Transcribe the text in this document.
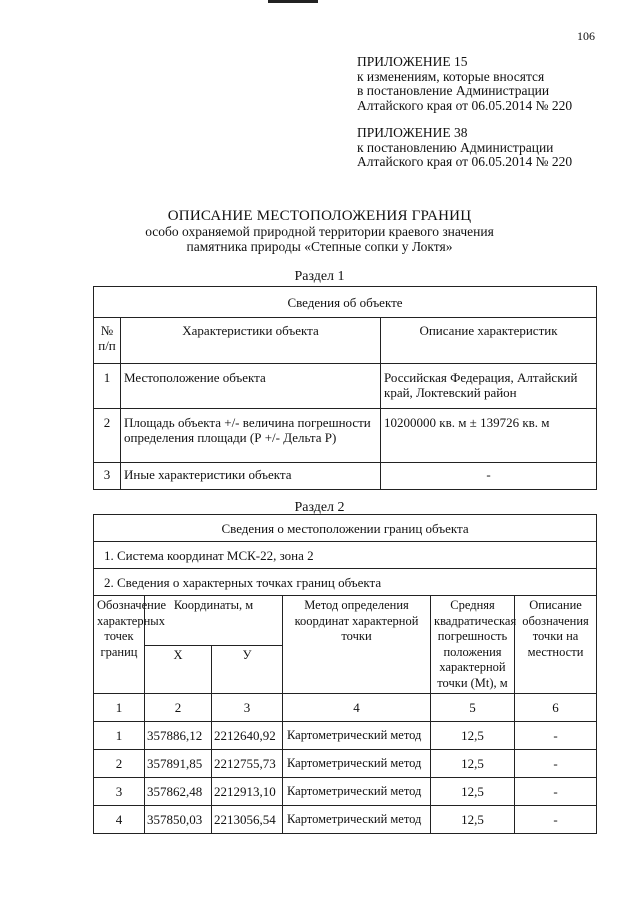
106
ПРИЛОЖЕНИЕ 15
к изменениям, которые вносятся
в постановление Администрации
Алтайского края от 06.05.2014 № 220
ПРИЛОЖЕНИЕ 38
к постановлению Администрации
Алтайского края от 06.05.2014 № 220
ОПИСАНИЕ МЕСТОПОЛОЖЕНИЯ ГРАНИЦ
особо охраняемой природной территории краевого значения
памятника природы «Степные сопки у Локтя»
Раздел 1
Сведения об объекте		
№ п/п	Характеристики объекта	Описание характеристик
1	Местоположение объекта	Российская Федерация, Алтайский край, Локтевский район
2	Площадь объекта +/- величина погрешности определения площади (Р +/- Дельта Р)	10200000 кв. м ± 139726 кв. м
3	Иные характеристики объекта	-
Раздел 2
Сведения о местоположении границ объекта					
1. Система координат МСК-22, зона 2					
2. Сведения о характерных точках границ объекта					
Обозначение характерных точек границ	Координаты, м		Метод определения координат характерной точки	Средняя квадратическая погрешность положения характерной точки (Mt), м	Описание обозначения точки на местности
	X	У			
1	2	3	4	5	6
1	357886,12	2212640,92	Картометрический метод	12,5	-
2	357891,85	2212755,73	Картометрический метод	12,5	-
3	357862,48	2212913,10	Картометрический метод	12,5	-
4	357850,03	2213056,54	Картометрический метод	12,5	-
